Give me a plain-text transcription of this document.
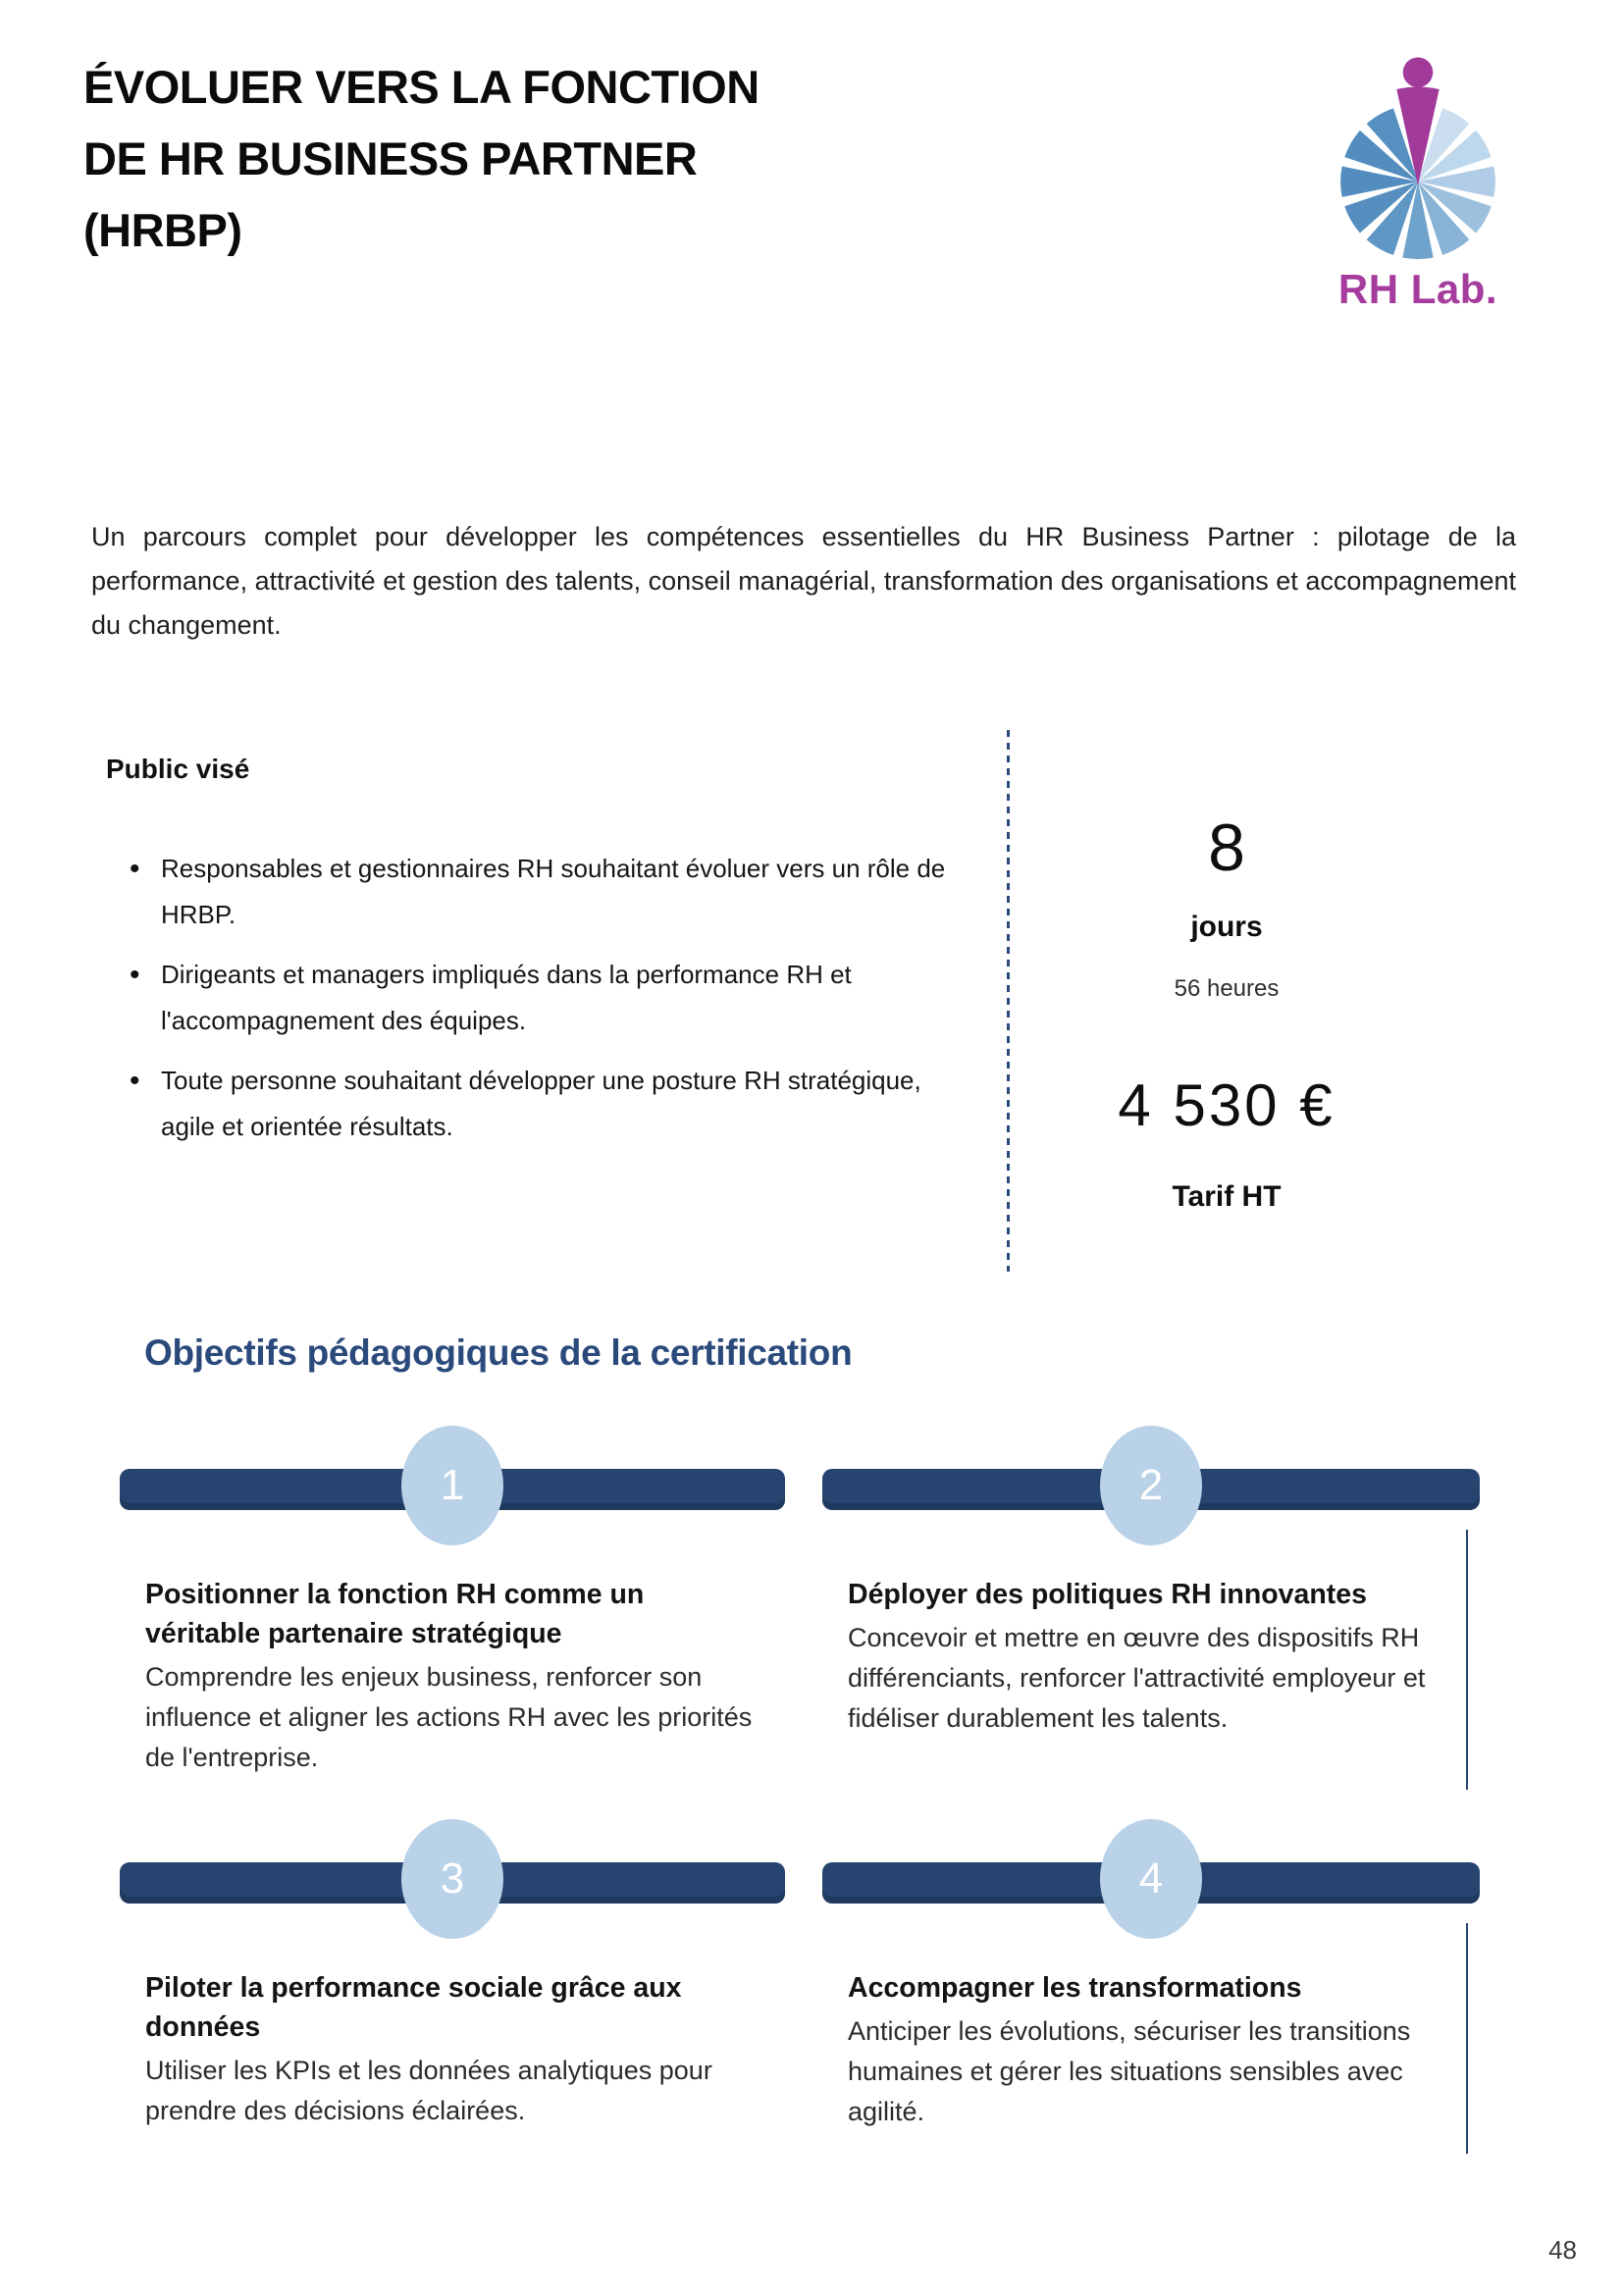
ÉVOLUER VERS LA FONCTION
DE HR BUSINESS PARTNER
(HRBP)
RH Lab.

Un parcours complet pour développer les compétences essentielles du HR Business Partner : pilotage de la performance, attractivité et gestion des talents, conseil managérial, transformation des organisations et accompagnement du changement.

Public visé
• Responsables et gestionnaires RH souhaitant évoluer vers un rôle de HRBP.
• Dirigeants et managers impliqués dans la performance RH et l'accompagnement des équipes.
• Toute personne souhaitant développer une posture RH stratégique, agile et orientée résultats.
8
jours
56 heures
4 530 €
Tarif HT
Objectifs pédagogiques de la certification
1
Positionner la fonction RH comme un véritable partenaire stratégique
Comprendre les enjeux business, renforcer son influence et aligner les actions RH avec les priorités de l'entreprise.
2
Déployer des politiques RH innovantes
Concevoir et mettre en œuvre des dispositifs RH différenciants, renforcer l'attractivité employeur et fidéliser durablement les talents.
3
Piloter la performance sociale grâce aux données
Utiliser les KPIs et les données analytiques pour prendre des décisions éclairées.
4
Accompagner les transformations
Anticiper les évolutions, sécuriser les transitions humaines et gérer les situations sensibles avec agilité.
48
